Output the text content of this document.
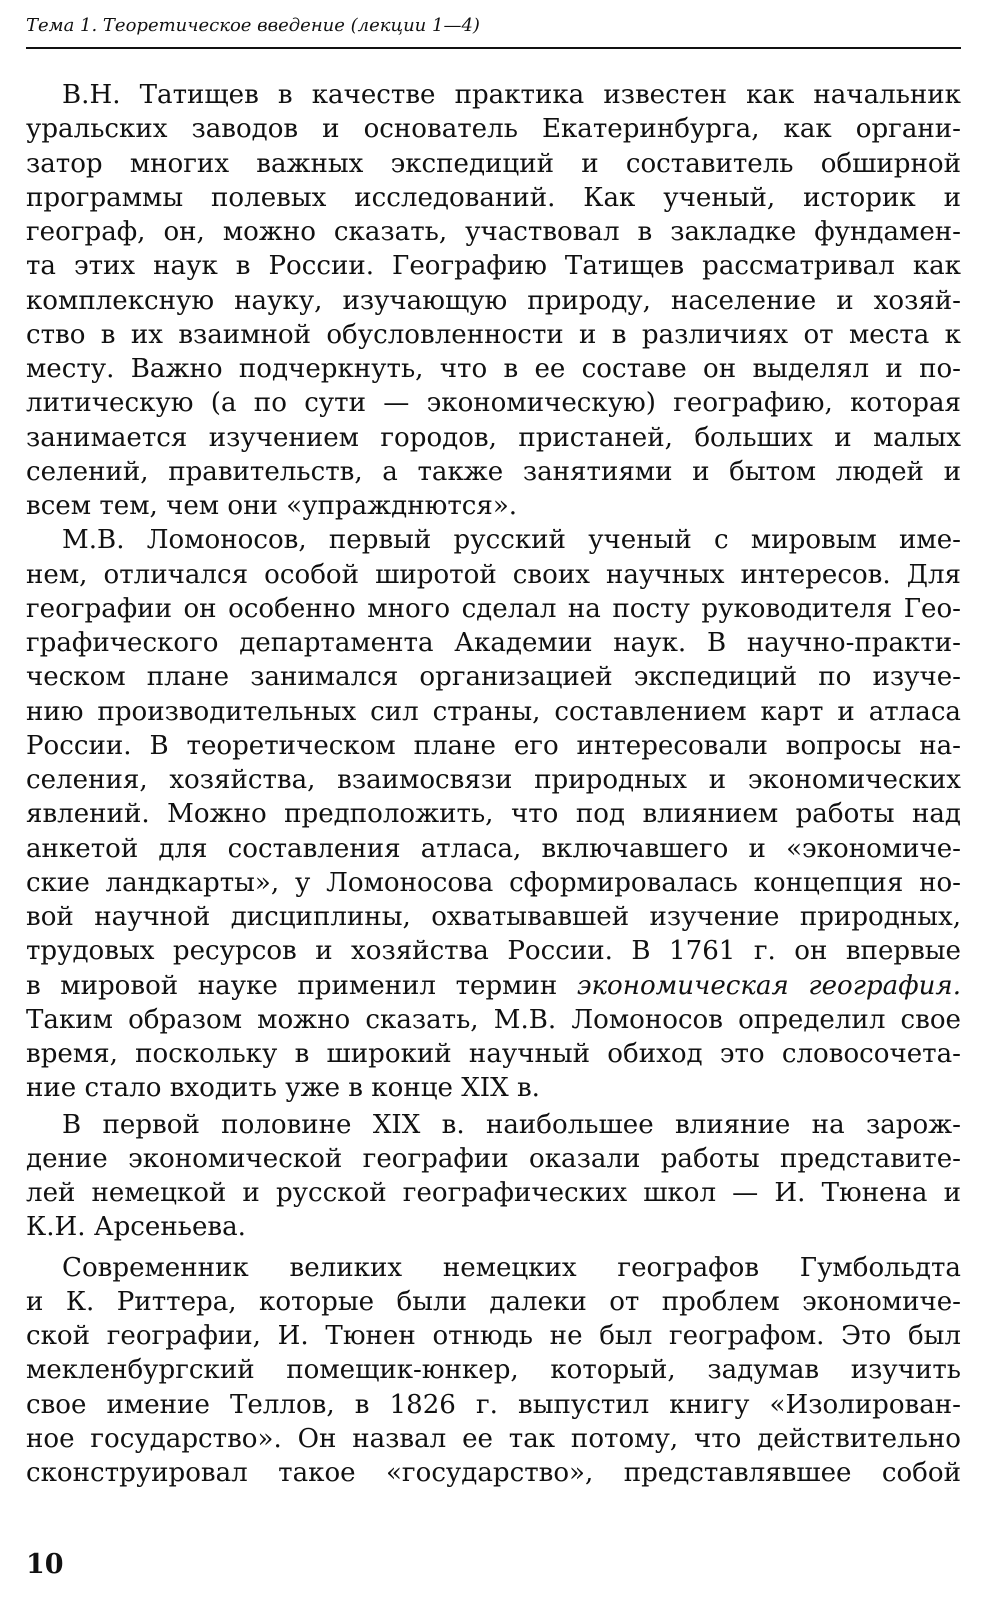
Тема 1. Теоретическое введение (лекции 1—4)
В.Н. Татищев в качестве практика известен как начальник
уральских заводов и основатель Екатеринбурга, как органи-
затор многих важных экспедиций и составитель обширной
программы полевых исследований. Как ученый, историк и
географ, он, можно сказать, участвовал в закладке фундамен-
та этих наук в России. Географию Татищев рассматривал как
комплексную науку, изучающую природу, население и хозяй-
ство в их взаимной обусловленности и в различиях от места к
месту. Важно подчеркнуть, что в ее составе он выделял и по-
литическую (а по сути — экономическую) географию, которая
занимается изучением городов, пристаней, больших и малых
селений, правительств, а также занятиями и бытом людей и
всем тем, чем они «упражднются».
М.В. Ломоносов, первый русский ученый с мировым име-
нем, отличался особой широтой своих научных интересов. Для
географии он особенно много сделал на посту руководителя Гео-
графического департамента Академии наук. В научно-практи-
ческом плане занимался организацией экспедиций по изуче-
нию производительных сил страны, составлением карт и атласа
России. В теоретическом плане его интересовали вопросы на-
селения, хозяйства, взаимосвязи природных и экономических
явлений. Можно предположить, что под влиянием работы над
анкетой для составления атласа, включавшего и «экономиче-
ские ландкарты», у Ломоносова сформировалась концепция но-
вой научной дисциплины, охватывавшей изучение природных,
трудовых ресурсов и хозяйства России. В 1761 г. он впервые
в мировой науке применил термин экономическая география.
Таким образом можно сказать, М.В. Ломоносов определил свое
время, поскольку в широкий научный обиход это словосочета-
ние стало входить уже в конце XIX в.
В первой половине XIX в. наибольшее влияние на зарож-
дение экономической географии оказали работы представите-
лей немецкой и русской географических школ — И. Тюнена и
К.И. Арсеньева.
Современник великих немецких географов Гумбольдта
и К. Риттера, которые были далеки от проблем экономиче-
ской географии, И. Тюнен отнюдь не был географом. Это был
мекленбургский помещик-юнкер, который, задумав изучить
свое имение Теллов, в 1826 г. выпустил книгу «Изолирован-
ное государство». Он назвал ее так потому, что действительно
сконструировал такое «государство», представлявшее собой
10
